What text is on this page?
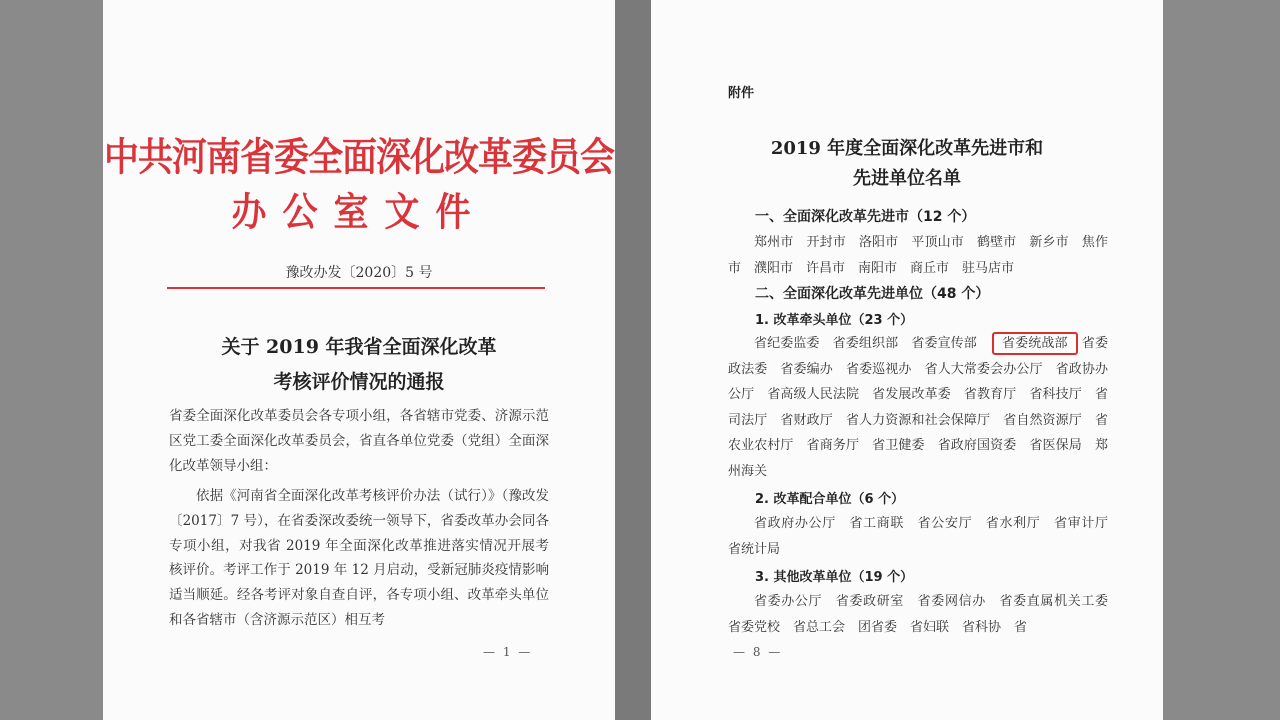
中共河南省委全面深化改革委员会
办公室文件
豫改办发〔2020〕5 号
关于 2019 年我省全面深化改革
考核评价情况的通报
省委全面深化改革委员会各专项小组，各省辖市党委、济源示范区党工委全面深化改革委员会，省直各单位党委（党组）全面深化改革领导小组：
依据《河南省全面深化改革考核评价办法（试行）》（豫改发〔2017〕7 号），在省委深改委统一领导下，省委改革办会同各专项小组，对我省 2019 年全面深化改革推进落实情况开展考核评价。考评工作于 2019 年 12 月启动，受新冠肺炎疫情影响适当顺延。经各考评对象自查自评，各专项小组、改革牵头单位和各省辖市（含济源示范区）相互考
— 1 —
附件
2019 年度全面深化改革先进市和
先进单位名单
一、全面深化改革先进市（12 个）
郑州市　开封市　洛阳市　平顶山市　鹤壁市　新乡市　焦作市　濮阳市　许昌市　南阳市　商丘市　驻马店市
二、全面深化改革先进单位（48 个）
1. 改革牵头单位（23 个）
省纪委监委　省委组织部　省委宣传部　 省委统战部 省委政法委　省委编办　省委巡视办　省人大常委会办公厅　省政协办公厅　省高级人民法院　省发展改革委　省教育厅　省科技厅　省司法厅　省财政厅　省人力资源和社会保障厅　省自然资源厅　省农业农村厅　省商务厅　省卫健委　省政府国资委　省医保局　郑州海关
2. 改革配合单位（6 个）
省政府办公厅　省工商联　省公安厅　省水利厅　省审计厅　省统计局
3. 其他改革单位（19 个）
省委办公厅　省委政研室　省委网信办　省委直属机关工委　省委党校　省总工会　团省委　省妇联　省科协　省
— 8 —
